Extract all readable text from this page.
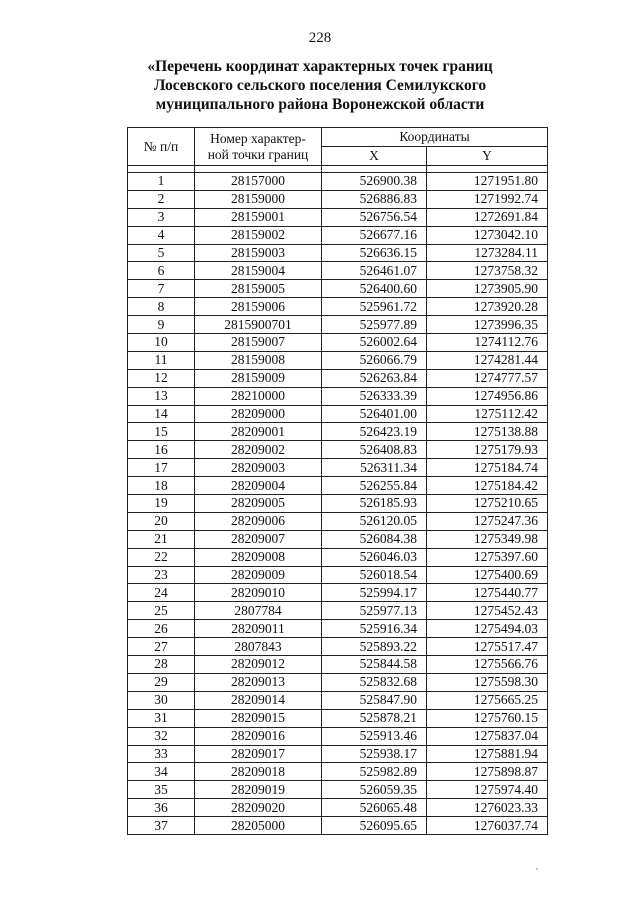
228
«Перечень координат характерных точек границ
Лосевского сельского поселения Семилукского
муниципального района Воронежской области
№ п/п	Номер характер-ной точки границ	Координаты	
		X	Y

1	28157000	526900.38	1271951.80
2	28159000	526886.83	1271992.74
3	28159001	526756.54	1272691.84
4	28159002	526677.16	1273042.10
5	28159003	526636.15	1273284.11
6	28159004	526461.07	1273758.32
7	28159005	526400.60	1273905.90
8	28159006	525961.72	1273920.28
9	2815900701	525977.89	1273996.35
10	28159007	526002.64	1274112.76
11	28159008	526066.79	1274281.44
12	28159009	526263.84	1274777.57
13	28210000	526333.39	1274956.86
14	28209000	526401.00	1275112.42
15	28209001	526423.19	1275138.88
16	28209002	526408.83	1275179.93
17	28209003	526311.34	1275184.74
18	28209004	526255.84	1275184.42
19	28209005	526185.93	1275210.65
20	28209006	526120.05	1275247.36
21	28209007	526084.38	1275349.98
22	28209008	526046.03	1275397.60
23	28209009	526018.54	1275400.69
24	28209010	525994.17	1275440.77
25	2807784	525977.13	1275452.43
26	28209011	525916.34	1275494.03
27	2807843	525893.22	1275517.47
28	28209012	525844.58	1275566.76
29	28209013	525832.68	1275598.30
30	28209014	525847.90	1275665.25
31	28209015	525878.21	1275760.15
32	28209016	525913.46	1275837.04
33	28209017	525938.17	1275881.94
34	28209018	525982.89	1275898.87
35	28209019	526059.35	1275974.40
36	28209020	526065.48	1276023.33
37	28205000	526095.65	1276037.74
